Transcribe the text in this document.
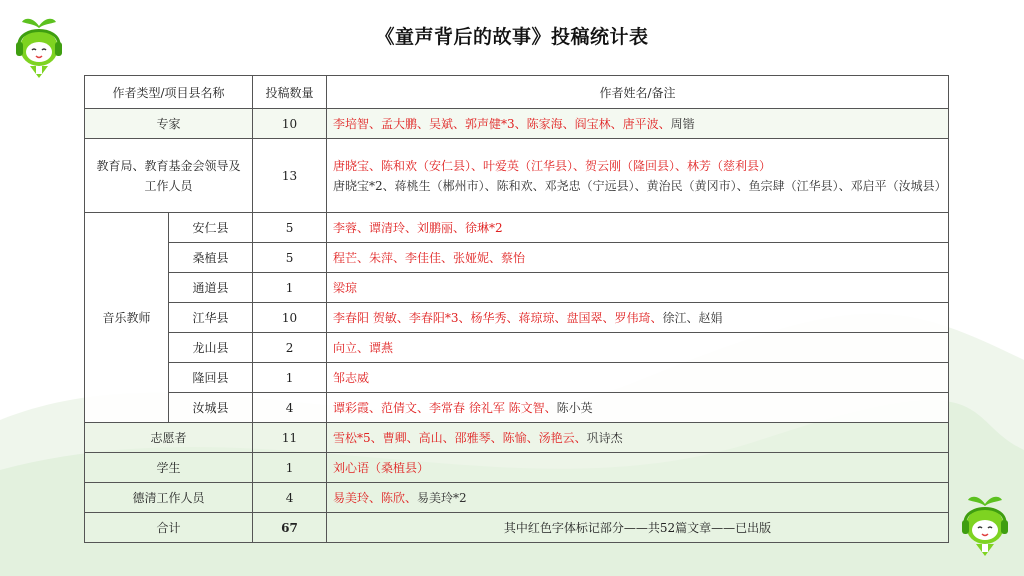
《童声背后的故事》投稿统计表
作者类型/项目县名称		投稿数量	作者姓名/备注
专家		10	李培智、孟大鹏、吴斌、郭声健*3、陈家海、阎宝林、唐平波、周锴
教育局、教育基金会领导及工作人员		13	唐晓宝、陈和欢（安仁县）、叶爱英（江华县）、贺云刚（隆回县）、林芳（慈利县）
唐晓宝*2、蒋桃生（郴州市）、陈和欢、邓尧忠（宁远县）、黄治民（黄冈市）、鱼宗肆（江华县）、邓启平（汝城县）
音乐教师	安仁县	5	李蓉、谭清玲、刘鹏丽、徐琳*2
	桑植县	5	程芒、朱萍、李佳佳、张娅妮、蔡怡
	通道县	1	梁琼
	江华县	10	李春阳 贺敏、李春阳*3、杨华秀、蒋琼琼、盘国翠、罗伟琦、徐江、赵娟
	龙山县	2	向立、谭燕
	隆回县	1	邹志威
	汝城县	4	谭彩霞、范倩文、李常春 徐礼军 陈文智、陈小英
志愿者		11	雪松*5、曹卿、高山、邵雅琴、陈愉、汤艳云、巩诗杰
学生		1	刘心语（桑植县）
德清工作人员		4	易美玲、陈欣、易美玲*2
合计		67	其中红色字体标记部分——共52篇文章——已出版
